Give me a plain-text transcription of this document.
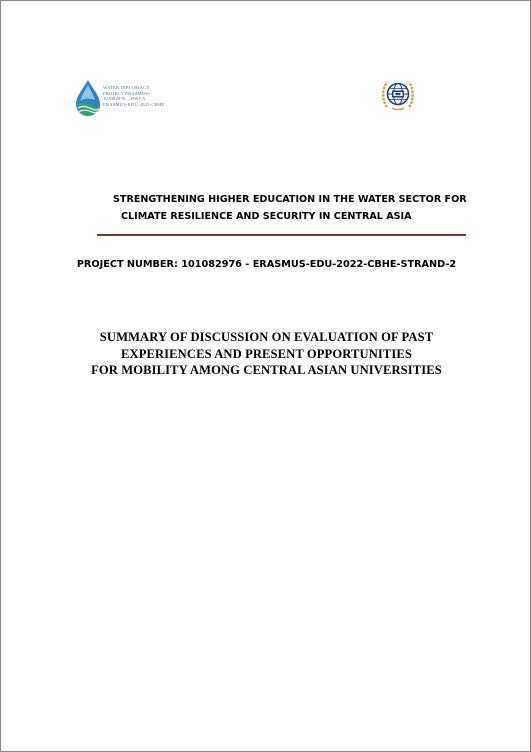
WATER DIPLOMACY
PROJECT ERASMUS+
101082976 – HWCA
ERASMUS-EDU-2022-CBHE
STRENGTHENING HIGHER EDUCATION IN THE WATER SECTOR FOR
CLIMATE RESILIENCE AND SECURITY IN CENTRAL ASIA
PROJECT NUMBER: 101082976 - ERASMUS-EDU-2022-CBHE-STRAND-2
SUMMARY OF DISCUSSION ON EVALUATION OF PAST
EXPERIENCES AND PRESENT OPPORTUNITIES
FOR MOBILITY AMONG CENTRAL ASIAN UNIVERSITIES
